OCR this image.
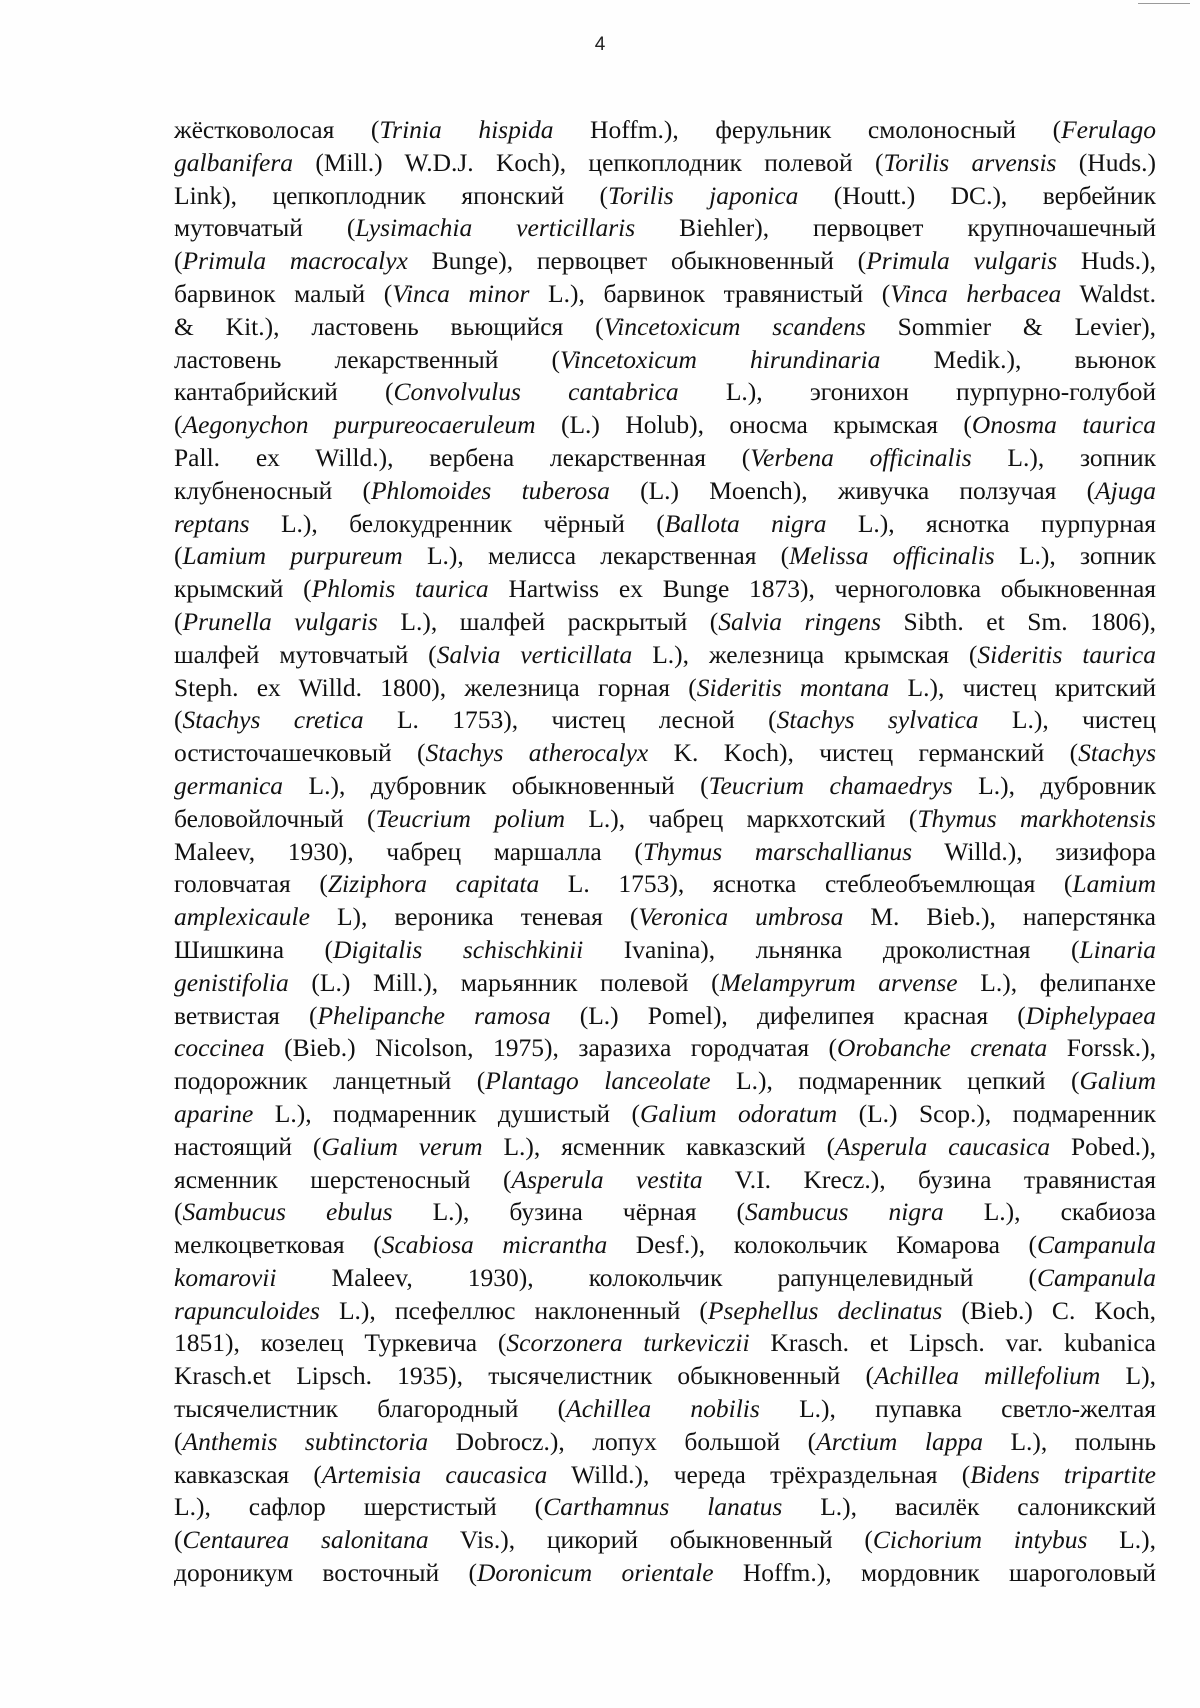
4
жёстковолосая (Trinia hispida Hoffm.), ферульник смолоносный (Ferulago
galbanifera (Mill.) W.D.J. Koch), цепкоплодник полевой (Torilis arvensis (Huds.)
Link), цепкоплодник японский (Torilis japonica (Houtt.) DC.), вербейник
мутовчатый (Lysimachia verticillaris Biehler), первоцвет крупночашечный
(Primula macrocalyx Bunge), первоцвет обыкновенный (Primula vulgaris Huds.),
барвинок малый (Vinca minor L.), барвинок травянистый (Vinca herbacea Waldst.
& Kit.), ластовень вьющийся (Vincetoxicum scandens Sommier & Levier),
ластовень лекарственный (Vincetoxicum hirundinaria Medik.), вьюнок
кантабрийский (Convolvulus cantabrica L.), эгонихон пурпурно-голубой
(Aegonychon purpureocaeruleum (L.) Holub), оносма крымская (Onosma taurica
Pall. ex Willd.), вербена лекарственная (Verbena officinalis L.), зопник
клубненосный (Phlomoides tuberosa (L.) Moench), живучка ползучая (Ajuga
reptans L.), белокудренник чёрный (Ballota nigra L.), яснотка пурпурная
(Lamium purpureum L.), мелисса лекарственная (Melissa officinalis L.), зопник
крымский (Phlomis taurica Hartwiss ex Bunge 1873), черноголовка обыкновенная
(Prunella vulgaris L.), шалфей раскрытый (Salvia ringens Sibth. et Sm. 1806),
шалфей мутовчатый (Salvia verticillata L.), железница крымская (Sideritis taurica
Steph. ex Willd. 1800), железница горная (Sideritis montana L.), чистец критский
(Stachys cretica L. 1753), чистец лесной (Stachys sylvatica L.), чистец
остисточашечковый (Stachys atherocalyx K. Koch), чистец германский (Stachys
germanica L.), дубровник обыкновенный (Teucrium chamaedrys L.), дубровник
беловойлочный (Teucrium polium L.), чабрец маркхотский (Thymus markhotensis
Maleev, 1930), чабрец маршалла (Thymus marschallianus Willd.), зизифора
головчатая (Ziziphora capitata L. 1753), яснотка стеблеобъемлющая (Lamium
amplexicaule L), вероника теневая (Veronica umbrosa M. Bieb.), наперстянка
Шишкина (Digitalis schischkinii Ivanina), льнянка дроколистная (Linaria
genistifolia (L.) Mill.), марьянник полевой (Melampyrum arvense L.), фелипанхе
ветвистая (Phelipanche ramosa (L.) Pomel), дифелипея красная (Diphelypaea
coccinea (Bieb.) Nicolson, 1975), заразиха городчатая (Orobanche crenata Forssk.),
подорожник ланцетный (Plantago lanceolate L.), подмаренник цепкий (Galium
aparine L.), подмаренник душистый (Galium odoratum (L.) Scop.), подмаренник
настоящий (Galium verum L.), ясменник кавказский (Asperula caucasica Pobed.),
ясменник шерстеносный (Asperula vestita V.I. Krecz.), бузина травянистая
(Sambucus ebulus L.), бузина чёрная (Sambucus nigra L.), скабиоза
мелкоцветковая (Scabiosa micrantha Desf.), колокольчик Комарова (Campanula
komarovii Maleev, 1930), колокольчик рапунцелевидный (Campanula
rapunculoides L.), псефеллюс наклоненный (Psephellus declinatus (Bieb.) C. Koch,
1851), козелец Туркевича (Scorzonera turkeviczii Krasch. et Lipsch. var. kubanica
Krasch.et Lipsch. 1935), тысячелистник обыкновенный (Achillea millefolium L),
тысячелистник благородный (Achillea nobilis L.), пупавка светло-желтая
(Anthemis subtinctoria Dobrocz.), лопух большой (Arctium lappa L.), полынь
кавказская (Artemisia caucasica Willd.), череда трёхраздельная (Bidens tripartite
L.), сафлор шерстистый (Carthamnus lanatus L.), василёк салоникский
(Centaurea salonitana Vis.), цикорий обыкновенный (Cichorium intybus L.),
дороникум восточный (Doronicum orientale Hoffm.), мордовник шароголовый
